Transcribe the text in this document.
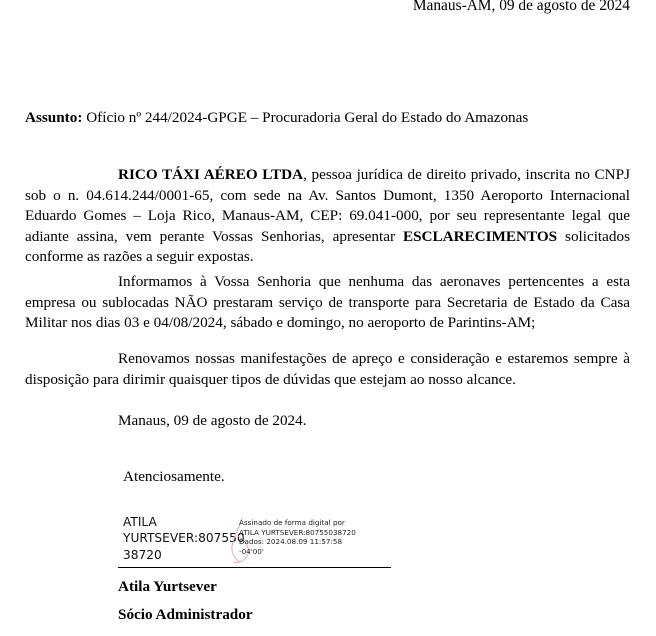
Manaus-AM, 09 de agosto de 2024
Assunto: Ofício nº 244/2024-GPGE – Procuradoria Geral do Estado do Amazonas
RICO TÁXI AÉREO LTDA, pessoa jurídica de direito privado, inscrita no CNPJ sob o n. 04.614.244/0001-65, com sede na Av. Santos Dumont, 1350 Aeroporto Internacional Eduardo Gomes – Loja Rico, Manaus-AM, CEP: 69.041-000, por seu representante legal que adiante assina, vem perante Vossas Senhorias, apresentar ESCLARECIMENTOS solicitados conforme as razões a seguir expostas.
Informamos à Vossa Senhoria que nenhuma das aeronaves pertencentes a esta empresa ou sublocadas NÃO prestaram serviço de transporte para Secretaria de Estado da Casa Militar nos dias 03 e 04/08/2024, sábado e domingo, no aeroporto de Parintins-AM;
Renovamos nossas manifestações de apreço e consideração e estaremos sempre à disposição para dirimir quaisquer tipos de dúvidas que estejam ao nosso alcance.
Manaus, 09 de agosto de 2024.
Atenciosamente.
ATILA YURTSEVER:807550 38720
Assinado de forma digital por
ATILA YURTSEVER:80755038720
Dados: 2024.08.09 11:57:58
-04'00'
Atila Yurtsever
Sócio Administrador
